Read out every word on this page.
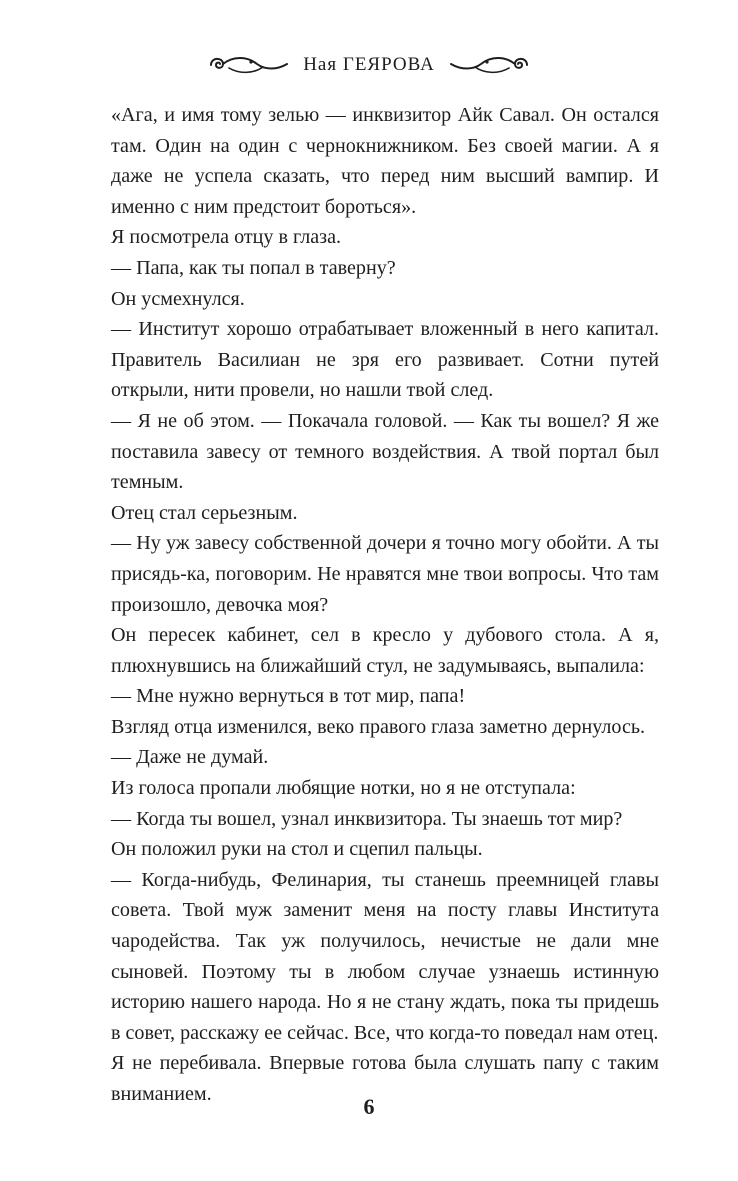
Ная ГЕЯРОВА

«Ага, и имя тому зелью — инквизитор Айк Савал. Он остался там. Один на один с чернокнижником. Без своей магии. А я даже не успела сказать, что перед ним высший вампир. И именно с ним предстоит бороться».

Я посмотрела отцу в глаза.

— Папа, как ты попал в таверну?

Он усмехнулся.

— Институт хорошо отрабатывает вложенный в него капитал. Правитель Василиан не зря его развивает. Сотни путей открыли, нити провели, но нашли твой след.

— Я не об этом. — Покачала головой. — Как ты вошел? Я же поставила завесу от темного воздействия. А твой портал был темным.

Отец стал серьезным.

— Ну уж завесу собственной дочери я точно могу обойти. А ты присядь-ка, поговорим. Не нравятся мне твои вопросы. Что там произошло, девочка моя?

Он пересек кабинет, сел в кресло у дубового стола. А я, плюхнувшись на ближайший стул, не задумываясь, выпалила:

— Мне нужно вернуться в тот мир, папа!

Взгляд отца изменился, веко правого глаза заметно дернулось.

— Даже не думай.

Из голоса пропали любящие нотки, но я не отступала:

— Когда ты вошел, узнал инквизитора. Ты знаешь тот мир?

Он положил руки на стол и сцепил пальцы.

— Когда-нибудь, Фелинария, ты станешь преемницей главы совета. Твой муж заменит меня на посту главы Института чародейства. Так уж получилось, нечистые не дали мне сыновей. Поэтому ты в любом случае узнаешь истинную историю нашего народа. Но я не стану ждать, пока ты придешь в совет, расскажу ее сейчас. Все, что когда-то поведал нам отец.

Я не перебивала. Впервые готова была слушать папу с таким вниманием.	6
